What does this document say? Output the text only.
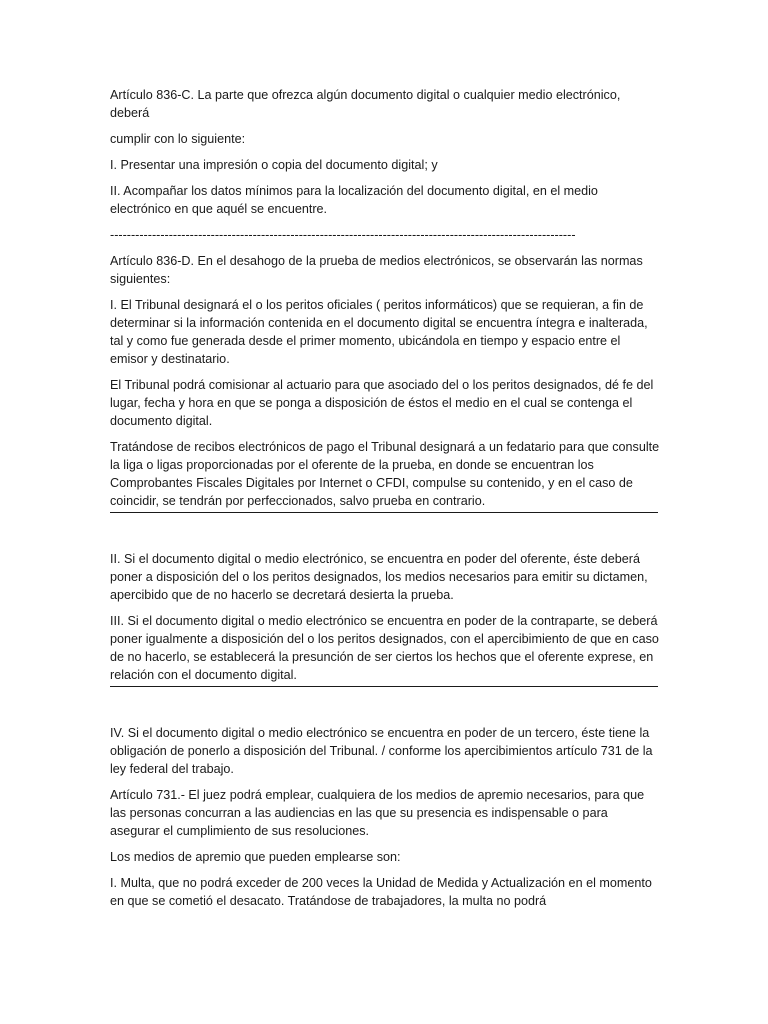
Artículo 836-C. La parte que ofrezca algún documento digital o cualquier medio electrónico, deberá

cumplir con lo siguiente:

I. Presentar una impresión o copia del documento digital; y

II. Acompañar los datos mínimos para la localización del documento digital, en el medio electrónico en que aquél se encuentre.

---------------------------------------------------------------------------------------------------------------

Artículo 836-D. En el desahogo de la prueba de medios electrónicos, se observarán las normas siguientes:

I. El Tribunal designará el o los peritos oficiales ( peritos informáticos) que se requieran, a fin de determinar si la información contenida en el documento digital se encuentra íntegra e inalterada, tal y como fue generada desde el primer momento, ubicándola en tiempo y espacio entre el emisor y destinatario.

El Tribunal podrá comisionar al actuario para que asociado del o los peritos designados, dé fe del lugar, fecha y hora en que se ponga a disposición de éstos el medio en el cual se contenga el documento digital.

Tratándose de recibos electrónicos de pago el Tribunal designará a un fedatario para que consulte la liga o ligas proporcionadas por el oferente de la prueba, en donde se encuentran los Comprobantes Fiscales Digitales por Internet o CFDI, compulse su contenido, y en el caso de coincidir, se tendrán por perfeccionados, salvo prueba en contrario.

II. Si el documento digital o medio electrónico, se encuentra en poder del oferente, éste deberá poner a disposición del o los peritos designados, los medios necesarios para emitir su dictamen, apercibido que de no hacerlo se decretará desierta la prueba.

III. Si el documento digital o medio electrónico se encuentra en poder de la contraparte, se deberá poner igualmente a disposición del o los peritos designados, con el apercibimiento de que en caso de no hacerlo, se establecerá la presunción de ser ciertos los hechos que el oferente exprese, en relación con el documento digital.

IV. Si el documento digital o medio electrónico se encuentra en poder de un tercero, éste tiene la obligación de ponerlo a disposición del Tribunal. / conforme los apercibimientos artículo 731 de la ley federal del trabajo.

Artículo 731.- El juez podrá emplear, cualquiera de los medios de apremio necesarios, para que las personas concurran a las audiencias en las que su presencia es indispensable o para asegurar el cumplimiento de sus resoluciones.

Los medios de apremio que pueden emplearse son:

I. Multa, que no podrá exceder de 200 veces la Unidad de Medida y Actualización en el momento en que se cometió el desacato. Tratándose de trabajadores, la multa no podrá
